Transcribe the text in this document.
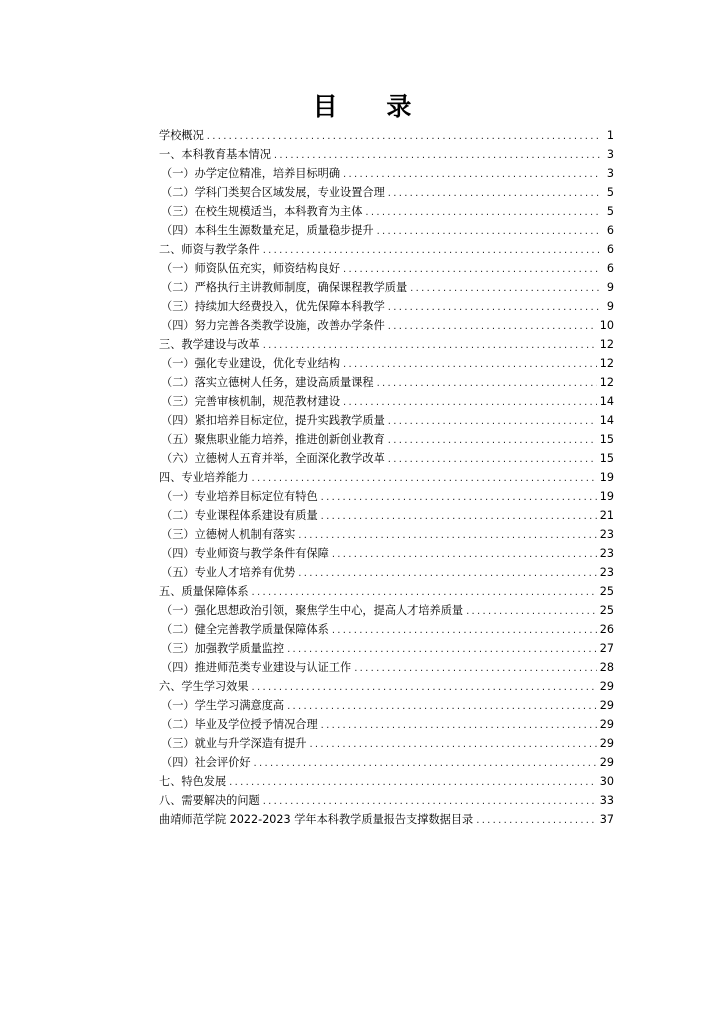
目 录
学校概况 .....	1
一、本科教育基本情况 .....	3
（一）办学定位精准，培养目标明确 .....	3
（二）学科门类契合区域发展，专业设置合理 .....	5
（三）在校生规模适当，本科教育为主体 .....	5
（四）本科生生源数量充足，质量稳步提升 .....	6
二、师资与教学条件 .....	6
（一）师资队伍充实，师资结构良好 .....	6
（二）严格执行主讲教师制度，确保课程教学质量 .....	9
（三）持续加大经费投入，优先保障本科教学 .....	9
（四）努力完善各类教学设施，改善办学条件 .....	10
三、教学建设与改革 .....	12
（一）强化专业建设，优化专业结构 .....	12
（二）落实立德树人任务，建设高质量课程 .....	12
（三）完善审核机制，规范教材建设 .....	14
（四）紧扣培养目标定位，提升实践教学质量 .....	14
（五）聚焦职业能力培养，推进创新创业教育 .....	15
（六）立德树人五育并举，全面深化教学改革 .....	15
四、专业培养能力 .....	19
（一）专业培养目标定位有特色 .....	19
（二）专业课程体系建设有质量 .....	21
（三）立德树人机制有落实 .....	23
（四）专业师资与教学条件有保障 .....	23
（五）专业人才培养有优势 .....	23
五、质量保障体系 .....	25
（一）强化思想政治引领，聚焦学生中心，提高人才培养质量 .....	25
（二）健全完善教学质量保障体系 .....	26
（三）加强教学质量监控 .....	27
（四）推进师范类专业建设与认证工作 .....	28
六、学生学习效果 .....	29
（一）学生学习满意度高 .....	29
（二）毕业及学位授予情况合理 .....	29
（三）就业与升学深造有提升 .....	29
（四）社会评价好 .....	29
七、特色发展 .....	30
八、需要解决的问题 .....	33
曲靖师范学院 2022-2023 学年本科教学质量报告支撑数据目录 .....	37
